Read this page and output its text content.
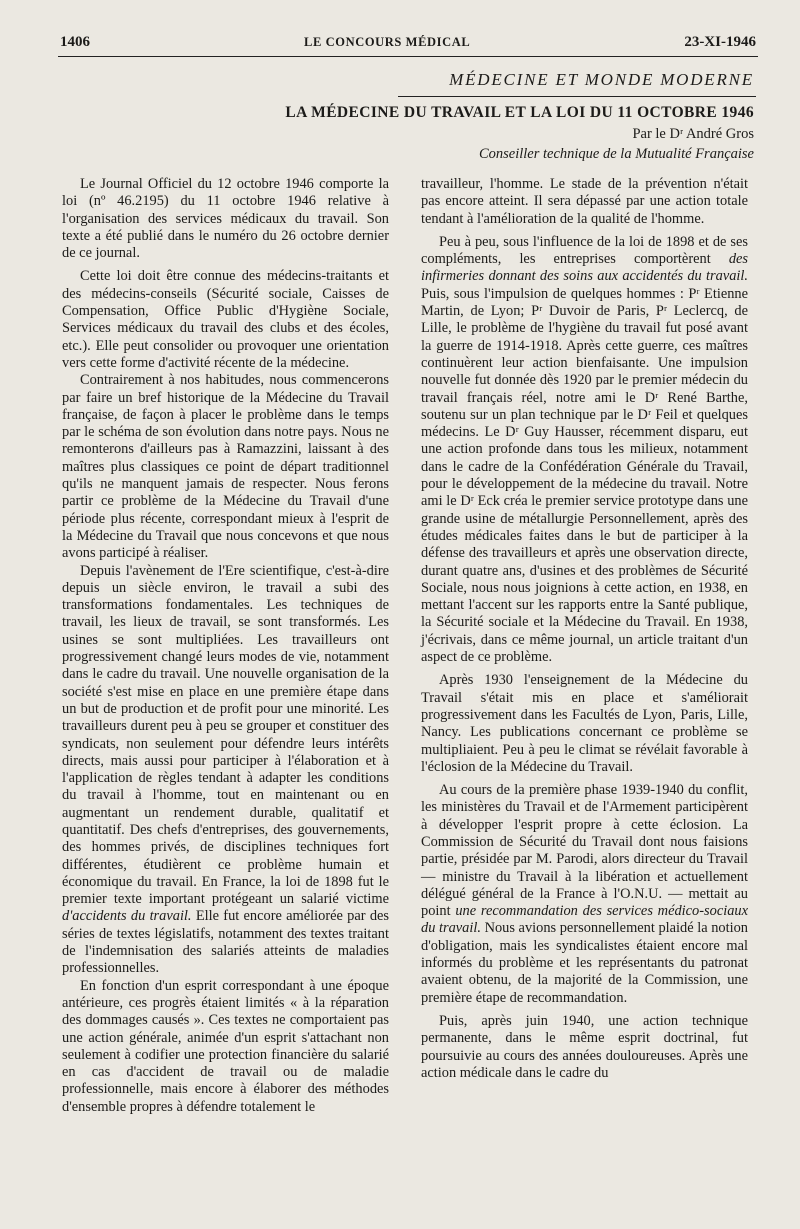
1406	LE CONCOURS MÉDICAL	23-XI-1946
MÉDECINE ET MONDE MODERNE
LA MÉDECINE DU TRAVAIL ET LA LOI DU 11 OCTOBRE 1946
Par le Dʳ André Gros
Conseiller technique de la Mutualité Française

Le Journal Officiel du 12 octobre 1946 comporte la loi (nº 46.2195) du 11 octobre 1946 relative à l'organisation des services médicaux du travail. Son texte a été publié dans le numéro du 26 octobre dernier de ce journal.

Cette loi doit être connue des médecins-traitants et des médecins-conseils (Sécurité sociale, Caisses de Compensation, Office Public d'Hygiène Sociale, Services médicaux du travail des clubs et des écoles, etc.). Elle peut consolider ou provoquer une orientation vers cette forme d'activité récente de la médecine.

Contrairement à nos habitudes, nous commencerons par faire un bref historique de la Médecine du Travail française, de façon à placer le problème dans le temps par le schéma de son évolution dans notre pays. Nous ne remonterons d'ailleurs pas à Ramazzini, laissant à des maîtres plus classiques ce point de départ traditionnel qu'ils ne manquent jamais de respecter. Nous ferons partir ce problème de la Médecine du Travail d'une période plus récente, correspondant mieux à l'esprit de la Médecine du Travail que nous concevons et que nous avons participé à réaliser.

Depuis l'avènement de l'Ere scientifique, c'est-à-dire depuis un siècle environ, le travail a subi des transformations fondamentales. Les techniques de travail, les lieux de travail, se sont transformés. Les usines se sont multipliées. Les travailleurs ont progressivement changé leurs modes de vie, notamment dans le cadre du travail. Une nouvelle organisation de la société s'est mise en place en une première étape dans un but de production et de profit pour une minorité. Les travailleurs durent peu à peu se grouper et constituer des syndicats, non seulement pour défendre leurs intérêts directs, mais aussi pour participer à l'élaboration et à l'application de règles tendant à adapter les conditions du travail à l'homme, tout en maintenant ou en augmentant un rendement durable, qualitatif et quantitatif. Des chefs d'entreprises, des gouvernements, des hommes privés, de disciplines techniques fort différentes, étudièrent ce problème humain et économique du travail. En France, la loi de 1898 fut le premier texte important protégeant un salarié victime d'accidents du travail. Elle fut encore améliorée par des séries de textes législatifs, notamment des textes traitant de l'indemnisation des salariés atteints de maladies professionnelles.

En fonction d'un esprit correspondant à une époque antérieure, ces progrès étaient limités « à la réparation des dommages causés ». Ces textes ne comportaient pas une action générale, animée d'un esprit s'attachant non seulement à codifier une protection financière du salarié en cas d'accident de travail ou de maladie professionnelle, mais encore à élaborer des méthodes d'ensemble propres à défendre totalement le

travailleur, l'homme. Le stade de la prévention n'était pas encore atteint. Il sera dépassé par une action totale tendant à l'amélioration de la qualité de l'homme.

Peu à peu, sous l'influence de la loi de 1898 et de ses compléments, les entreprises comportèrent des infirmeries donnant des soins aux accidentés du travail. Puis, sous l'impulsion de quelques hommes : Pʳ Etienne Martin, de Lyon; Pʳ Duvoir de Paris, Pʳ Leclercq, de Lille, le problème de l'hygiène du travail fut posé avant la guerre de 1914-1918. Après cette guerre, ces maîtres continuèrent leur action bienfaisante. Une impulsion nouvelle fut donnée dès 1920 par le premier médecin du travail français réel, notre ami le Dʳ René Barthe, soutenu sur un plan technique par le Dʳ Feil et quelques médecins. Le Dʳ Guy Hausser, récemment disparu, eut une action profonde dans tous les milieux, notamment dans le cadre de la Confédération Générale du Travail, pour le développement de la médecine du travail. Notre ami le Dʳ Eck créa le premier service prototype dans une grande usine de métallurgie Personnellement, après des études médicales faites dans le but de participer à la défense des travailleurs et après une observation directe, durant quatre ans, d'usines et des problèmes de Sécurité Sociale, nous nous joignions à cette action, en 1938, en mettant l'accent sur les rapports entre la Santé publique, la Sécurité sociale et la Médecine du Travail. En 1938, j'écrivais, dans ce même journal, un article traitant d'un aspect de ce problème.

Après 1930 l'enseignement de la Médecine du Travail s'était mis en place et s'améliorait progressivement dans les Facultés de Lyon, Paris, Lille, Nancy. Les publications concernant ce problème se multipliaient. Peu à peu le climat se révélait favorable à l'éclosion de la Médecine du Travail.

Au cours de la première phase 1939-1940 du conflit, les ministères du Travail et de l'Armement participèrent à développer l'esprit propre à cette éclosion. La Commission de Sécurité du Travail dont nous faisions partie, présidée par M. Parodi, alors directeur du Travail — ministre du Travail à la libération et actuellement délégué général de la France à l'O.N.U. — mettait au point une recommandation des services médico-sociaux du travail. Nous avions personnellement plaidé la notion d'obligation, mais les syndicalistes étaient encore mal informés du problème et les représentants du patronat avaient obtenu, de la majorité de la Commission, une première étape de recommandation.

Puis, après juin 1940, une action technique permanente, dans le même esprit doctrinal, fut poursuivie au cours des années douloureuses. Après une action médicale dans le cadre du
